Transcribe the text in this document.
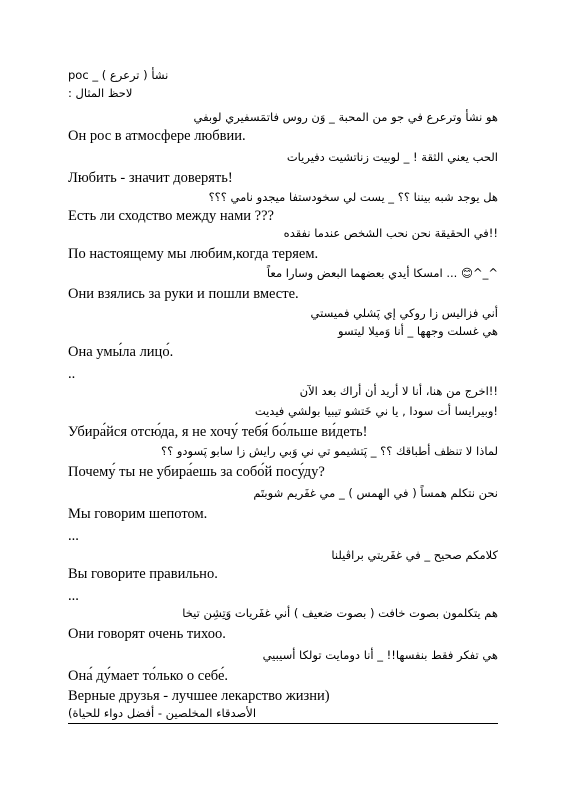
роc _ ( ترعرع ) نشأ
: لاحظ المثال
هو نشأ وترعرع في جو من المحبة _ وَن روس فاتمَسفيري لوبفي
Он рос в атмосфере любвии.
الحب يعني الثقة ! _ لوبيت زناتشيت دفيريات
Любить - значит доверять!
هل يوجد شبه بيننا ؟؟ _ يست لي سخودستفا ميجدو نامي ؟؟؟
Есть ли сходство между нами ???
!!في الحقيقة نحن نحب الشخص عندما نفقده
По настоящему мы любим,когда теряем.
^_^😊 ... امسكا أيدي بعضهما البعض وسارا معاً
Они взялись за руки и пошли вместе.
أني فزاليس زا روكي إي پَشلي فميستي
هي غسلت وجهها _ أنا وَميلا ليتسو
Она умы́ла лицо́.
..
!!اخرج من هنا، أنا لا أريد أن أراك بعد الآن
!وبيرايسا أت سودا , يا ني خَتشو تيبيا بولشي فيديت
Убира́йся отсю́да, я не хочу́ тебя́ бо́льше ви́деть!
لماذا لا تنظف أطباقك ؟؟ _ پَتشيمو تي ني وَبي رايش زا سابو پَسودو ؟؟
Почему́ ты не убира́ешь за собо́й посу́ду?
نحن نتكلم همساً ( في الهمس ) _ مي غفَريم شوبتَم
Мы говорим шепотом.
...
كلامكم صحيح _ في غفَريتي براڤيلنا
Вы говорите правильно.
...
هم يتكلمون بصوت خافت ( بصوت ضعيف ) أني غفَريات وَتِشِن تيخا
Они говорят очень тихоо.
هي تفكر فقط بنفسها!! _ أنا دومايت تولكا أسيبيي
Она́ ду́мает то́лько о себе́.
Верные друзья - лучшее лекарство жизни)
(الأصدقاء المخلصين - أفضل دواء للحياة
